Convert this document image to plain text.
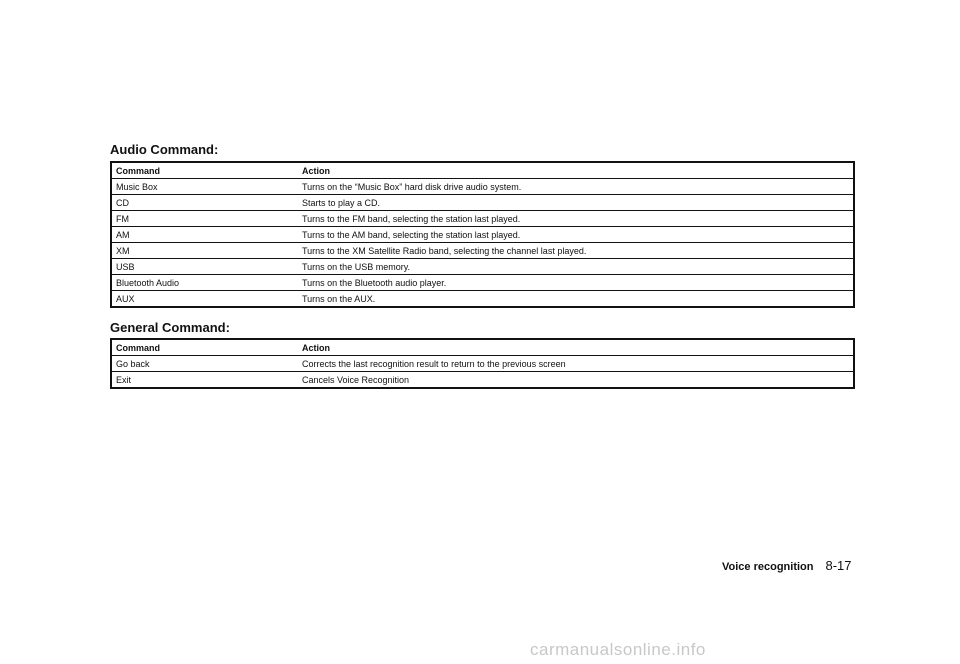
Audio Command:
Command	Action
Music Box	Turns on the “Music Box” hard disk drive audio system.
CD	Starts to play a CD.
FM	Turns to the FM band, selecting the station last played.
AM	Turns to the AM band, selecting the station last played.
XM	Turns to the XM Satellite Radio band, selecting the channel last played.
USB	Turns on the USB memory.
Bluetooth Audio	Turns on the Bluetooth audio player.
AUX	Turns on the AUX.
General Command:
Command	Action
Go back	Corrects the last recognition result to return to the previous screen
Exit	Cancels Voice Recognition
Voice recognition 8-17
carmanualsonline.info
